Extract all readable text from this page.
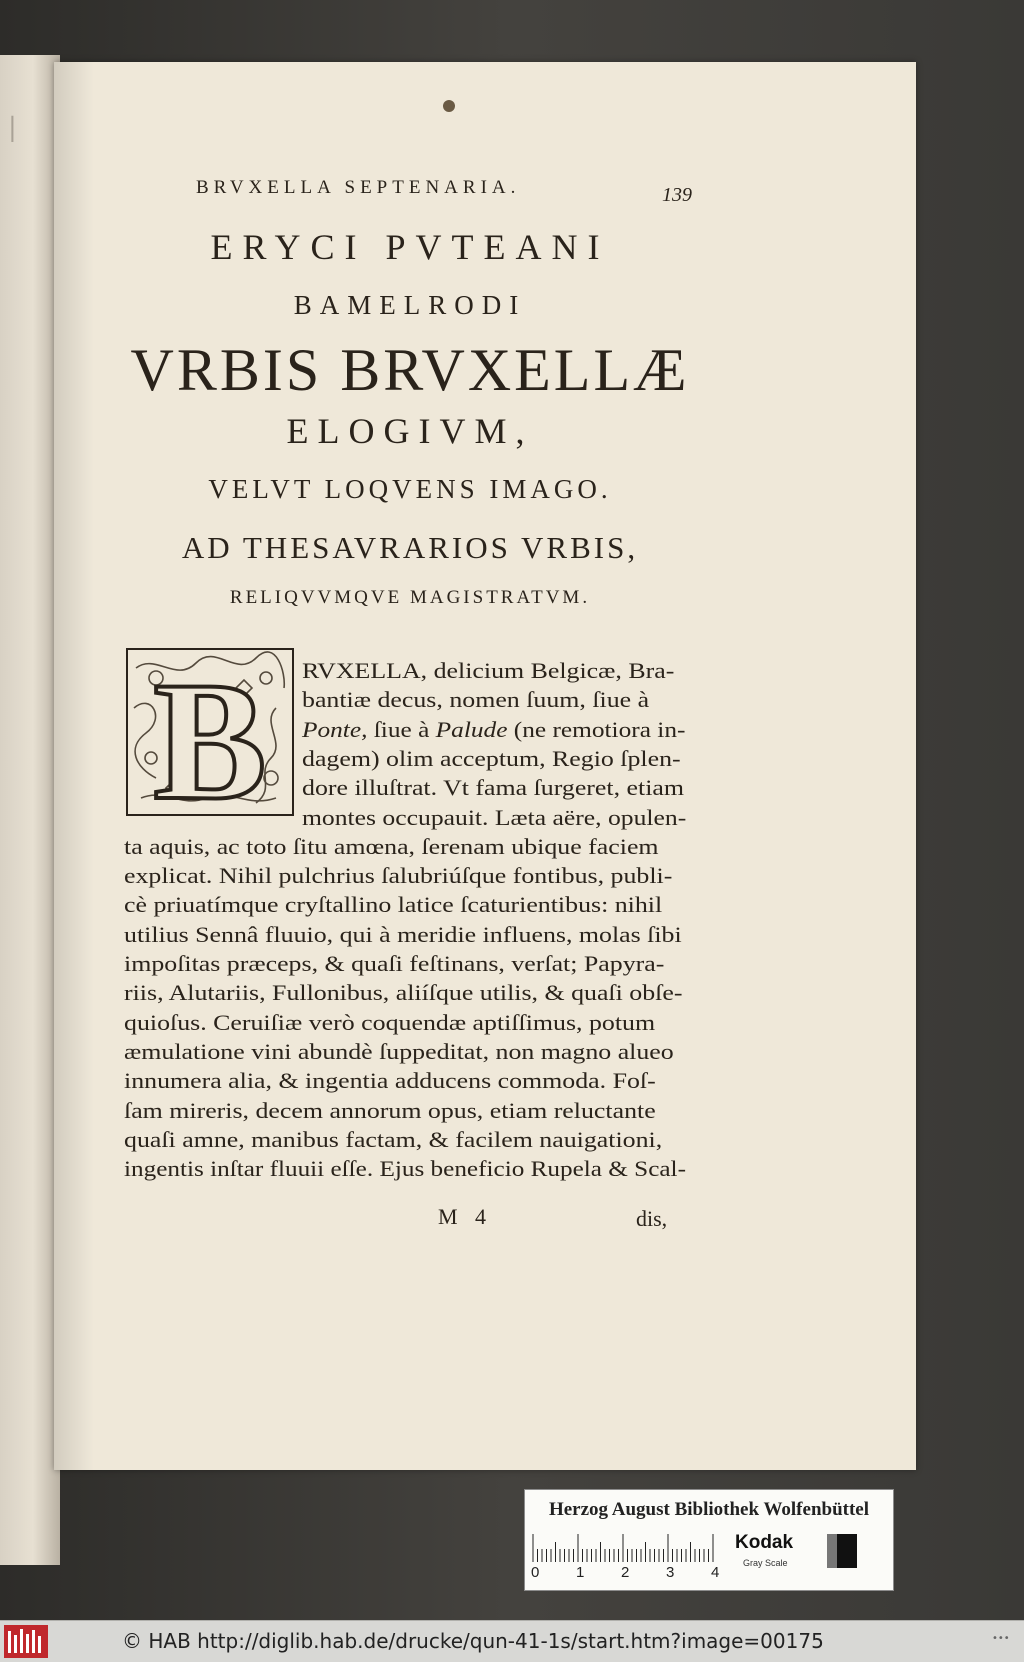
|
BRVXELLA SEPTENARIA.	139
ERYCI PVTEANI
BAMELRODI
VRBIS BRVXELLÆ
ELOGIVM,
VELVT LOQVENS IMAGO.
AD THESAVRARIOS VRBIS,
RELIQVVMQVE MAGISTRATVM.
B RVXELLA, delicium Belgicæ, Bra-
bantiæ decus, nomen ſuum, ſiue à
Ponte, ſiue à Palude (ne remotiora in-
dagem) olim acceptum, Regio ſplen-
dore illuſtrat. Vt fama ſurgeret, etiam
montes occupauit. Læta aëre, opulen-
ta aquis, ac toto ſitu amœna, ſerenam ubique faciem
explicat. Nihil pulchrius ſalubriúſque fontibus, publi-
cè priuatímque cryſtallino latice ſcaturientibus: nihil
utilius Sennâ fluuio, qui à meridie influens, molas ſibi
impoſitas præceps, & quaſi feſtinans, verſat; Papyra-
riis, Alutariis, Fullonibus, aliíſque utilis, & quaſi obſe-
quioſus. Ceruiſiæ verò coquendæ aptiſſimus, potum
æmulatione vini abundè ſuppeditat, non magno alueo
innumera alia, & ingentia adducens commoda. Foſ-
ſam mireris, decem annorum opus, etiam reluctante
quaſi amne, manibus factam, & facilem nauigationi,
ingentis inſtar fluuii eſſe. Ejus beneficio Rupela & Scal-
M 4	dis,
Herzog August Bibliothek Wolfenbüttel
0 1 2 3 4
Kodak
Gray Scale
© HAB http://diglib.hab.de/drucke/qun-41-1s/start.htm?image=00175	•••
